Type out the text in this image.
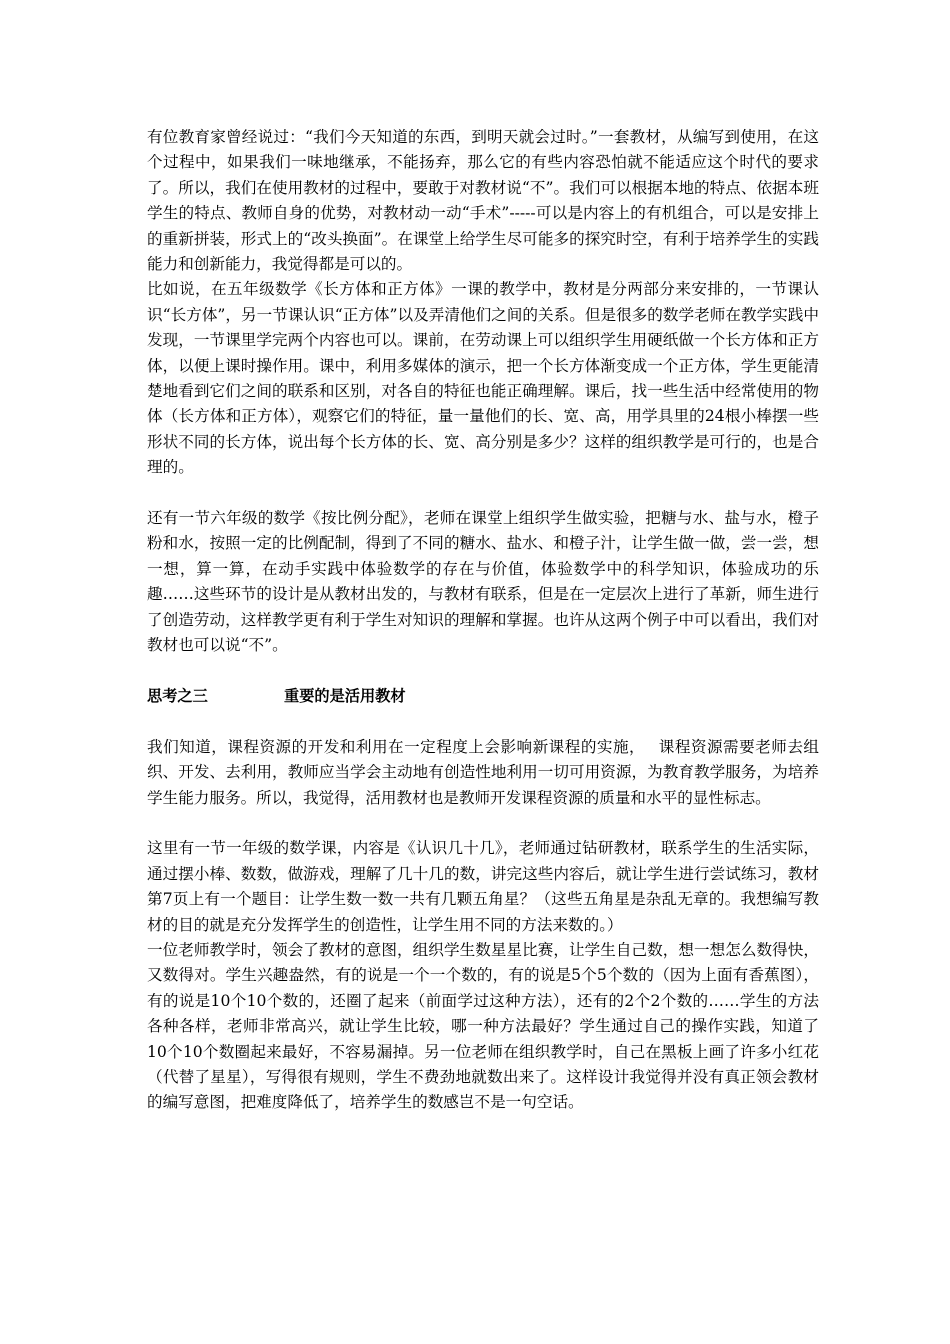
有位教育家曾经说过：“我们今天知道的东西，到明天就会过时。”一套教材，从编写到使用，在这个过程中，如果我们一味地继承，不能扬弃，那么它的有些内容恐怕就不能适应这个时代的要求了。所以，我们在使用教材的过程中，要敢于对教材说“不”。我们可以根据本地的特点、依据本班学生的特点、教师自身的优势，对教材动一动“手术”-----可以是内容上的有机组合，可以是安排上的重新拼装，形式上的“改头换面”。在课堂上给学生尽可能多的探究时空，有利于培养学生的实践能力和创新能力，我觉得都是可以的。

比如说，在五年级数学《长方体和正方体》一课的教学中，教材是分两部分来安排的，一节课认识“长方体”，另一节课认识“正方体”以及弄清他们之间的关系。但是很多的数学老师在教学实践中发现，一节课里学完两个内容也可以。课前，在劳动课上可以组织学生用硬纸做一个长方体和正方体，以便上课时操作用。课中，利用多媒体的演示，把一个长方体渐变成一个正方体，学生更能清楚地看到它们之间的联系和区别，对各自的特征也能正确理解。课后，找一些生活中经常使用的物体（长方体和正方体），观察它们的特征，量一量他们的长、宽、高，用学具里的24根小棒摆一些形状不同的长方体，说出每个长方体的长、宽、高分别是多少？这样的组织教学是可行的，也是合理的。

还有一节六年级的数学《按比例分配》，老师在课堂上组织学生做实验，把糖与水、盐与水，橙子粉和水，按照一定的比例配制，得到了不同的糖水、盐水、和橙子汁，让学生做一做，尝一尝，想一想，算一算，在动手实践中体验数学的存在与价值，体验数学中的科学知识，体验成功的乐趣……这些环节的设计是从教材出发的，与教材有联系，但是在一定层次上进行了革新，师生进行了创造劳动，这样教学更有利于学生对知识的理解和掌握。也许从这两个例子中可以看出，我们对教材也可以说“不”。

思考之三	重要的是活用教材

我们知道，课程资源的开发和利用在一定程度上会影响新课程的实施，　 课程资源需要老师去组织、开发、去利用，教师应当学会主动地有创造性地利用一切可用资源，为教育教学服务，为培养学生能力服务。所以，我觉得，活用教材也是教师开发课程资源的质量和水平的显性标志。

这里有一节一年级的数学课，内容是《认识几十几》，老师通过钻研教材，联系学生的生活实际，通过摆小棒、数数，做游戏，理解了几十几的数，讲完这些内容后，就让学生进行尝试练习，教材第7页上有一个题目：让学生数一数一共有几颗五角星？（这些五角星是杂乱无章的。我想编写教材的目的就是充分发挥学生的创造性，让学生用不同的方法来数的。）

一位老师教学时，领会了教材的意图，组织学生数星星比赛，让学生自己数，想一想怎么数得快，又数得对。学生兴趣盎然，有的说是一个一个数的，有的说是5个5个数的（因为上面有香蕉图），有的说是10个10个数的，还圈了起来（前面学过这种方法），还有的2个2个数的……学生的方法各种各样，老师非常高兴，就让学生比较，哪一种方法最好？学生通过自己的操作实践，知道了10个10个数圈起来最好，不容易漏掉。另一位老师在组织教学时，自己在黑板上画了许多小红花（代替了星星），写得很有规则，学生不费劲地就数出来了。这样设计我觉得并没有真正领会教材的编写意图，把难度降低了，培养学生的数感岂不是一句空话。
